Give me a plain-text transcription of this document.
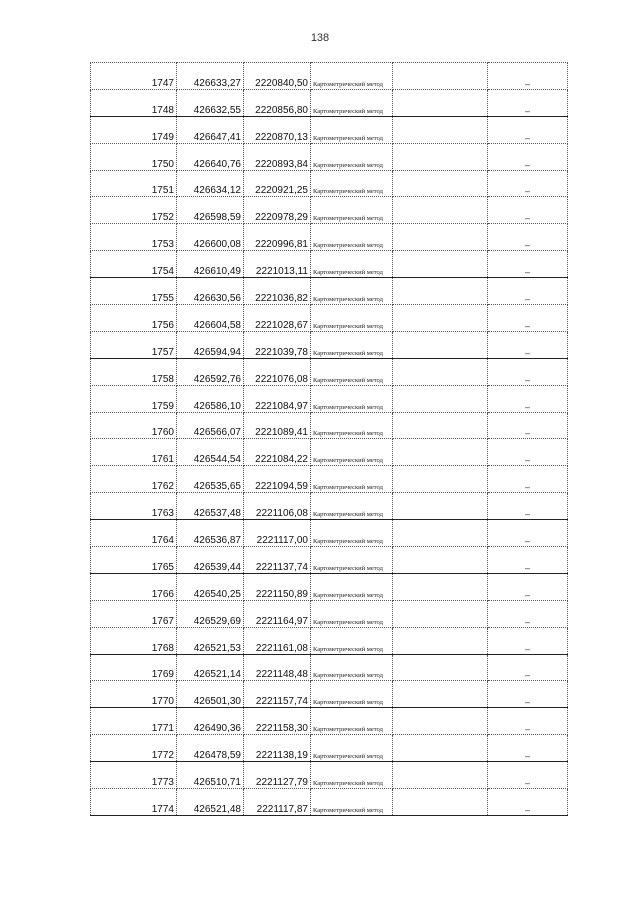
138
1747	426633,27	2220840,50	Картометрический метод		–
1748	426632,55	2220856,80	Картометрический метод		–
1749	426647,41	2220870,13	Картометрический метод		–
1750	426640,76	2220893,84	Картометрический метод		–
1751	426634,12	2220921,25	Картометрический метод		–
1752	426598,59	2220978,29	Картометрический метод		–
1753	426600,08	2220996,81	Картометрический метод		–
1754	426610,49	2221013,11	Картометрический метод		–
1755	426630,56	2221036,82	Картометрический метод		–
1756	426604,58	2221028,67	Картометрический метод		–
1757	426594,94	2221039,78	Картометрический метод		–
1758	426592,76	2221076,08	Картометрический метод		–
1759	426586,10	2221084,97	Картометрический метод		–
1760	426566,07	2221089,41	Картометрический метод		–
1761	426544,54	2221084,22	Картометрический метод		–
1762	426535,65	2221094,59	Картометрический метод		–
1763	426537,48	2221106,08	Картометрический метод		–
1764	426536,87	2221117,00	Картометрический метод		–
1765	426539,44	2221137,74	Картометрический метод		–
1766	426540,25	2221150,89	Картометрический метод		–
1767	426529,69	2221164,97	Картометрический метод		–
1768	426521,53	2221161,08	Картометрический метод		–
1769	426521,14	2221148,48	Картометрический метод		–
1770	426501,30	2221157,74	Картометрический метод		–
1771	426490,36	2221158,30	Картометрический метод		–
1772	426478,59	2221138,19	Картометрический метод		–
1773	426510,71	2221127,79	Картометрический метод		–
1774	426521,48	2221117,87	Картометрический метод		–
